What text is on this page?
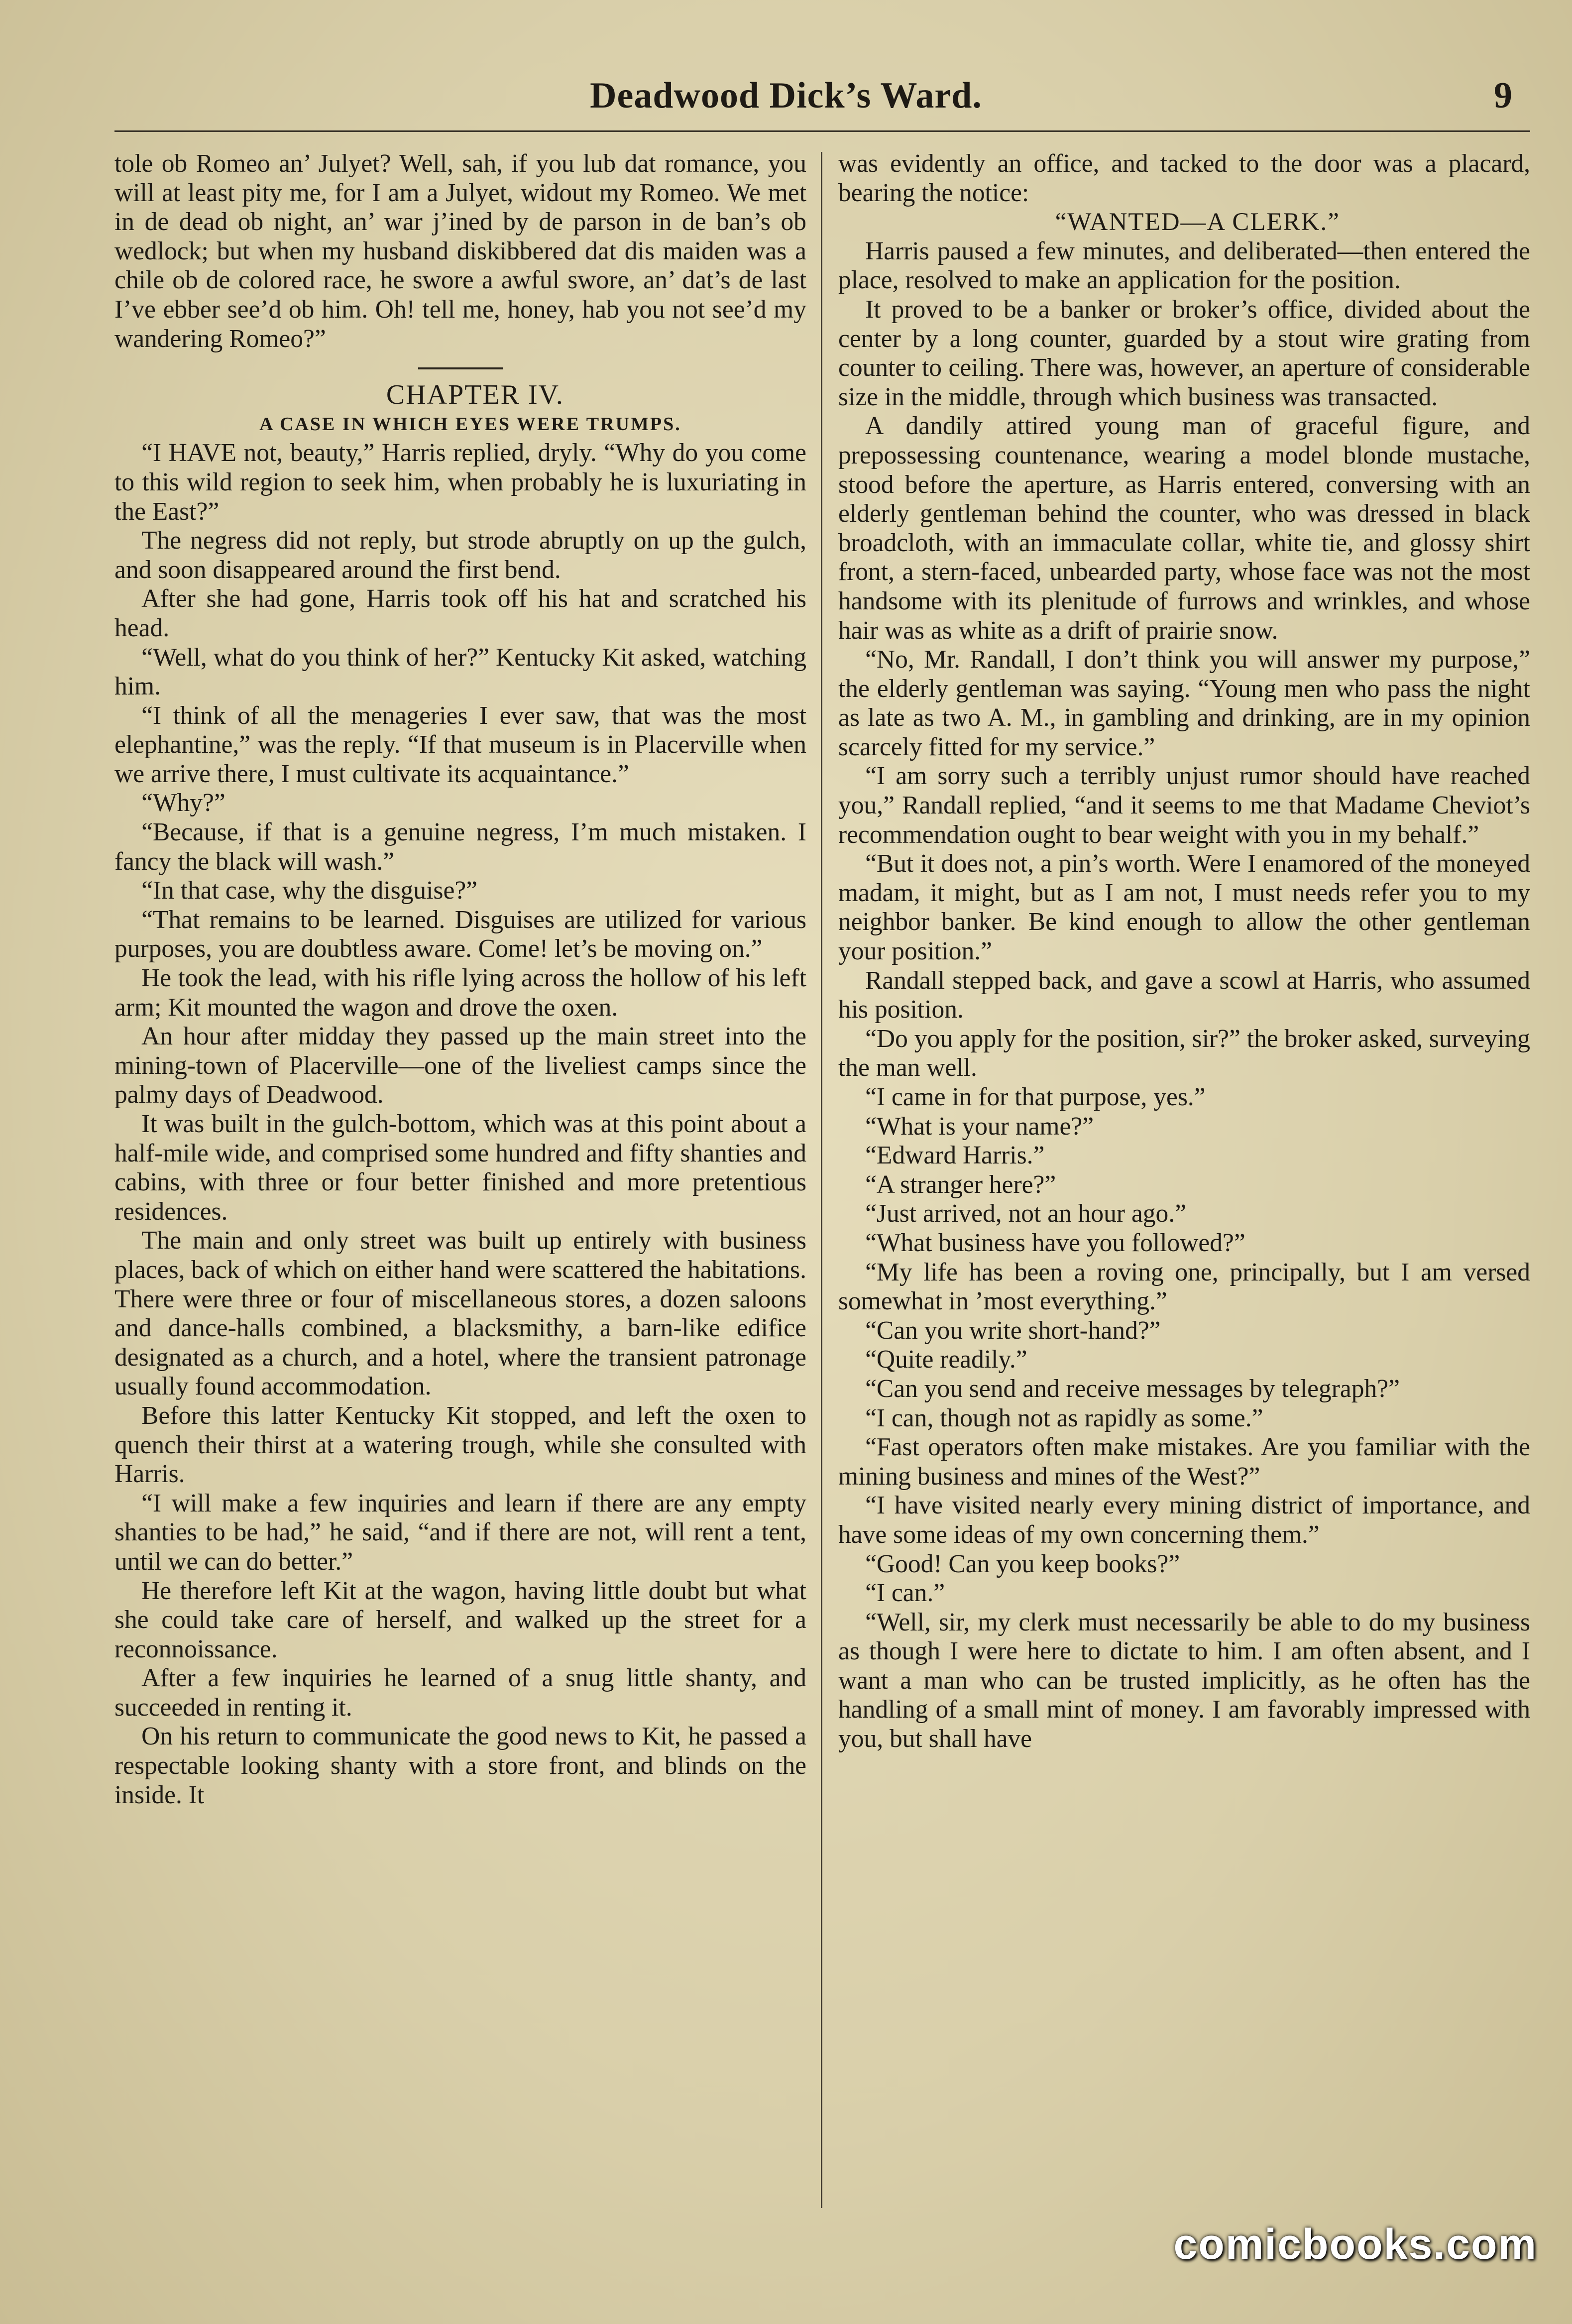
Deadwood Dick’s Ward.	9

tole ob Romeo an’ Julyet? Well, sah, if you lub dat romance, you will at least pity me, for I am a Julyet, widout my Romeo. We met in de dead ob night, an’ war j’ined by de parson in de ban’s ob wedlock; but when my husband diskibbered dat dis maiden was a chile ob de colored race, he swore a awful swore, an’ dat’s de last I’ve ebber see’d ob him. Oh! tell me, honey, hab you not see’d my wandering Romeo?”

CHAPTER IV.

A CASE IN WHICH EYES WERE TRUMPS.

“I HAVE not, beauty,” Harris replied, dryly. “Why do you come to this wild region to seek him, when probably he is luxuriating in the East?”

The negress did not reply, but strode abruptly on up the gulch, and soon disappeared around the first bend.

After she had gone, Harris took off his hat and scratched his head.

“Well, what do you think of her?” Kentucky Kit asked, watching him.

“I think of all the menageries I ever saw, that was the most elephantine,” was the reply. “If that museum is in Placerville when we arrive there, I must cultivate its acquaintance.”

“Why?”

“Because, if that is a genuine negress, I’m much mistaken. I fancy the black will wash.”

“In that case, why the disguise?”

“That remains to be learned. Disguises are utilized for various purposes, you are doubtless aware. Come! let’s be moving on.”

He took the lead, with his rifle lying across the hollow of his left arm; Kit mounted the wagon and drove the oxen.

An hour after midday they passed up the main street into the mining-town of Placerville—one of the liveliest camps since the palmy days of Deadwood.

It was built in the gulch-bottom, which was at this point about a half-mile wide, and comprised some hundred and fifty shanties and cabins, with three or four better finished and more pretentious residences.

The main and only street was built up entirely with business places, back of which on either hand were scattered the habitations. There were three or four of miscellaneous stores, a dozen saloons and dance-halls combined, a blacksmithy, a barn-like edifice designated as a church, and a hotel, where the transient patronage usually found accommodation.

Before this latter Kentucky Kit stopped, and left the oxen to quench their thirst at a watering trough, while she consulted with Harris.

“I will make a few inquiries and learn if there are any empty shanties to be had,” he said, “and if there are not, will rent a tent, until we can do better.”

He therefore left Kit at the wagon, having little doubt but what she could take care of herself, and walked up the street for a reconnoissance.

After a few inquiries he learned of a snug little shanty, and succeeded in renting it.

On his return to communicate the good news to Kit, he passed a respectable looking shanty with a store front, and blinds on the inside. It

was evidently an office, and tacked to the door was a placard, bearing the notice:

“WANTED—A CLERK.”

Harris paused a few minutes, and deliberated—then entered the place, resolved to make an application for the position.

It proved to be a banker or broker’s office, divided about the center by a long counter, guarded by a stout wire grating from counter to ceiling. There was, however, an aperture of considerable size in the middle, through which business was transacted.

A dandily attired young man of graceful figure, and prepossessing countenance, wearing a model blonde mustache, stood before the aperture, as Harris entered, conversing with an elderly gentleman behind the counter, who was dressed in black broadcloth, with an immaculate collar, white tie, and glossy shirt front, a stern-faced, unbearded party, whose face was not the most handsome with its plenitude of furrows and wrinkles, and whose hair was as white as a drift of prairie snow.

“No, Mr. Randall, I don’t think you will answer my purpose,” the elderly gentleman was saying. “Young men who pass the night as late as two A. M., in gambling and drinking, are in my opinion scarcely fitted for my service.”

“I am sorry such a terribly unjust rumor should have reached you,” Randall replied, “and it seems to me that Madame Cheviot’s recommendation ought to bear weight with you in my behalf.”

“But it does not, a pin’s worth. Were I enamored of the moneyed madam, it might, but as I am not, I must needs refer you to my neighbor banker. Be kind enough to allow the other gentleman your position.”

Randall stepped back, and gave a scowl at Harris, who assumed his position.

“Do you apply for the position, sir?” the broker asked, surveying the man well.

“I came in for that purpose, yes.”

“What is your name?”

“Edward Harris.”

“A stranger here?”

“Just arrived, not an hour ago.”

“What business have you followed?”

“My life has been a roving one, principally, but I am versed somewhat in ’most everything.”

“Can you write short-hand?”

“Quite readily.”

“Can you send and receive messages by telegraph?”

“I can, though not as rapidly as some.”

“Fast operators often make mistakes. Are you familiar with the mining business and mines of the West?”

“I have visited nearly every mining district of importance, and have some ideas of my own concerning them.”

“Good! Can you keep books?”

“I can.”

“Well, sir, my clerk must necessarily be able to do my business as though I were here to dictate to him. I am often absent, and I want a man who can be trusted implicitly, as he often has the handling of a small mint of money. I am favorably impressed with you, but shall have

comicbooks.com
